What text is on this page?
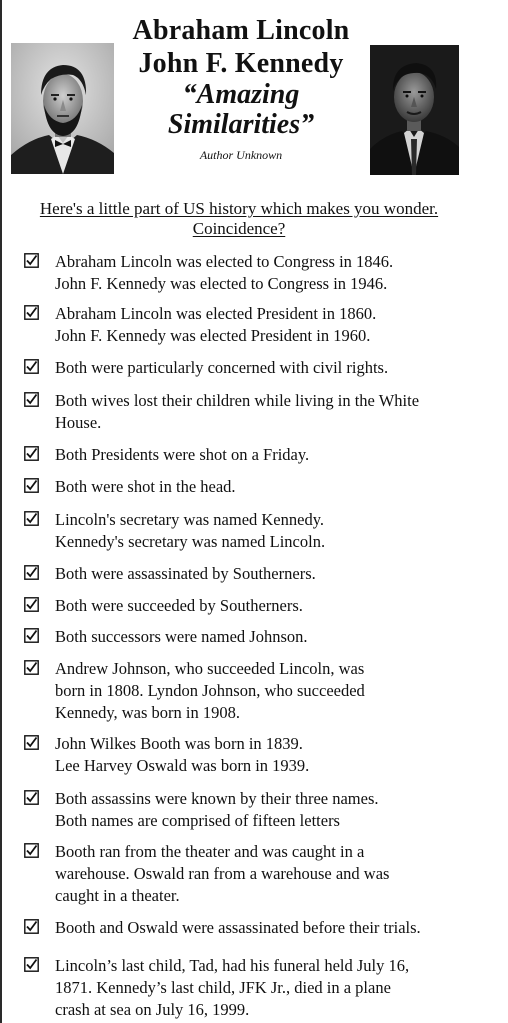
Abraham Lincoln
John F. Kennedy
“Amazing
Similarities”
Author Unknown
Here's a little part of US history which makes you wonder.
Coincidence?
Abraham Lincoln was elected to Congress in 1846.
John F. Kennedy was elected to Congress in 1946.
Abraham Lincoln was elected President in 1860.
John F. Kennedy was elected President in 1960.
Both were particularly concerned with civil rights.
Both wives lost their children while living in the White
House.
Both Presidents were shot on a Friday.
Both were shot in the head.
Lincoln's secretary was named Kennedy.
Kennedy's secretary was named Lincoln.
Both were assassinated by Southerners.
Both were succeeded by Southerners.
Both successors were named Johnson.
Andrew Johnson, who succeeded Lincoln, was
born in 1808. Lyndon Johnson, who succeeded
Kennedy, was born in 1908.
John Wilkes Booth was born in 1839.
Lee Harvey Oswald was born in 1939.
Both assassins were known by their three names.
Both names are comprised of fifteen letters
Booth ran from the theater and was caught in a
warehouse. Oswald ran from a warehouse and was
caught in a theater.
Booth and Oswald were assassinated before their trials.
Lincoln’s last child, Tad, had his funeral held July 16,
1871. Kennedy’s last child, JFK Jr., died in a plane
crash at sea on July 16, 1999.
